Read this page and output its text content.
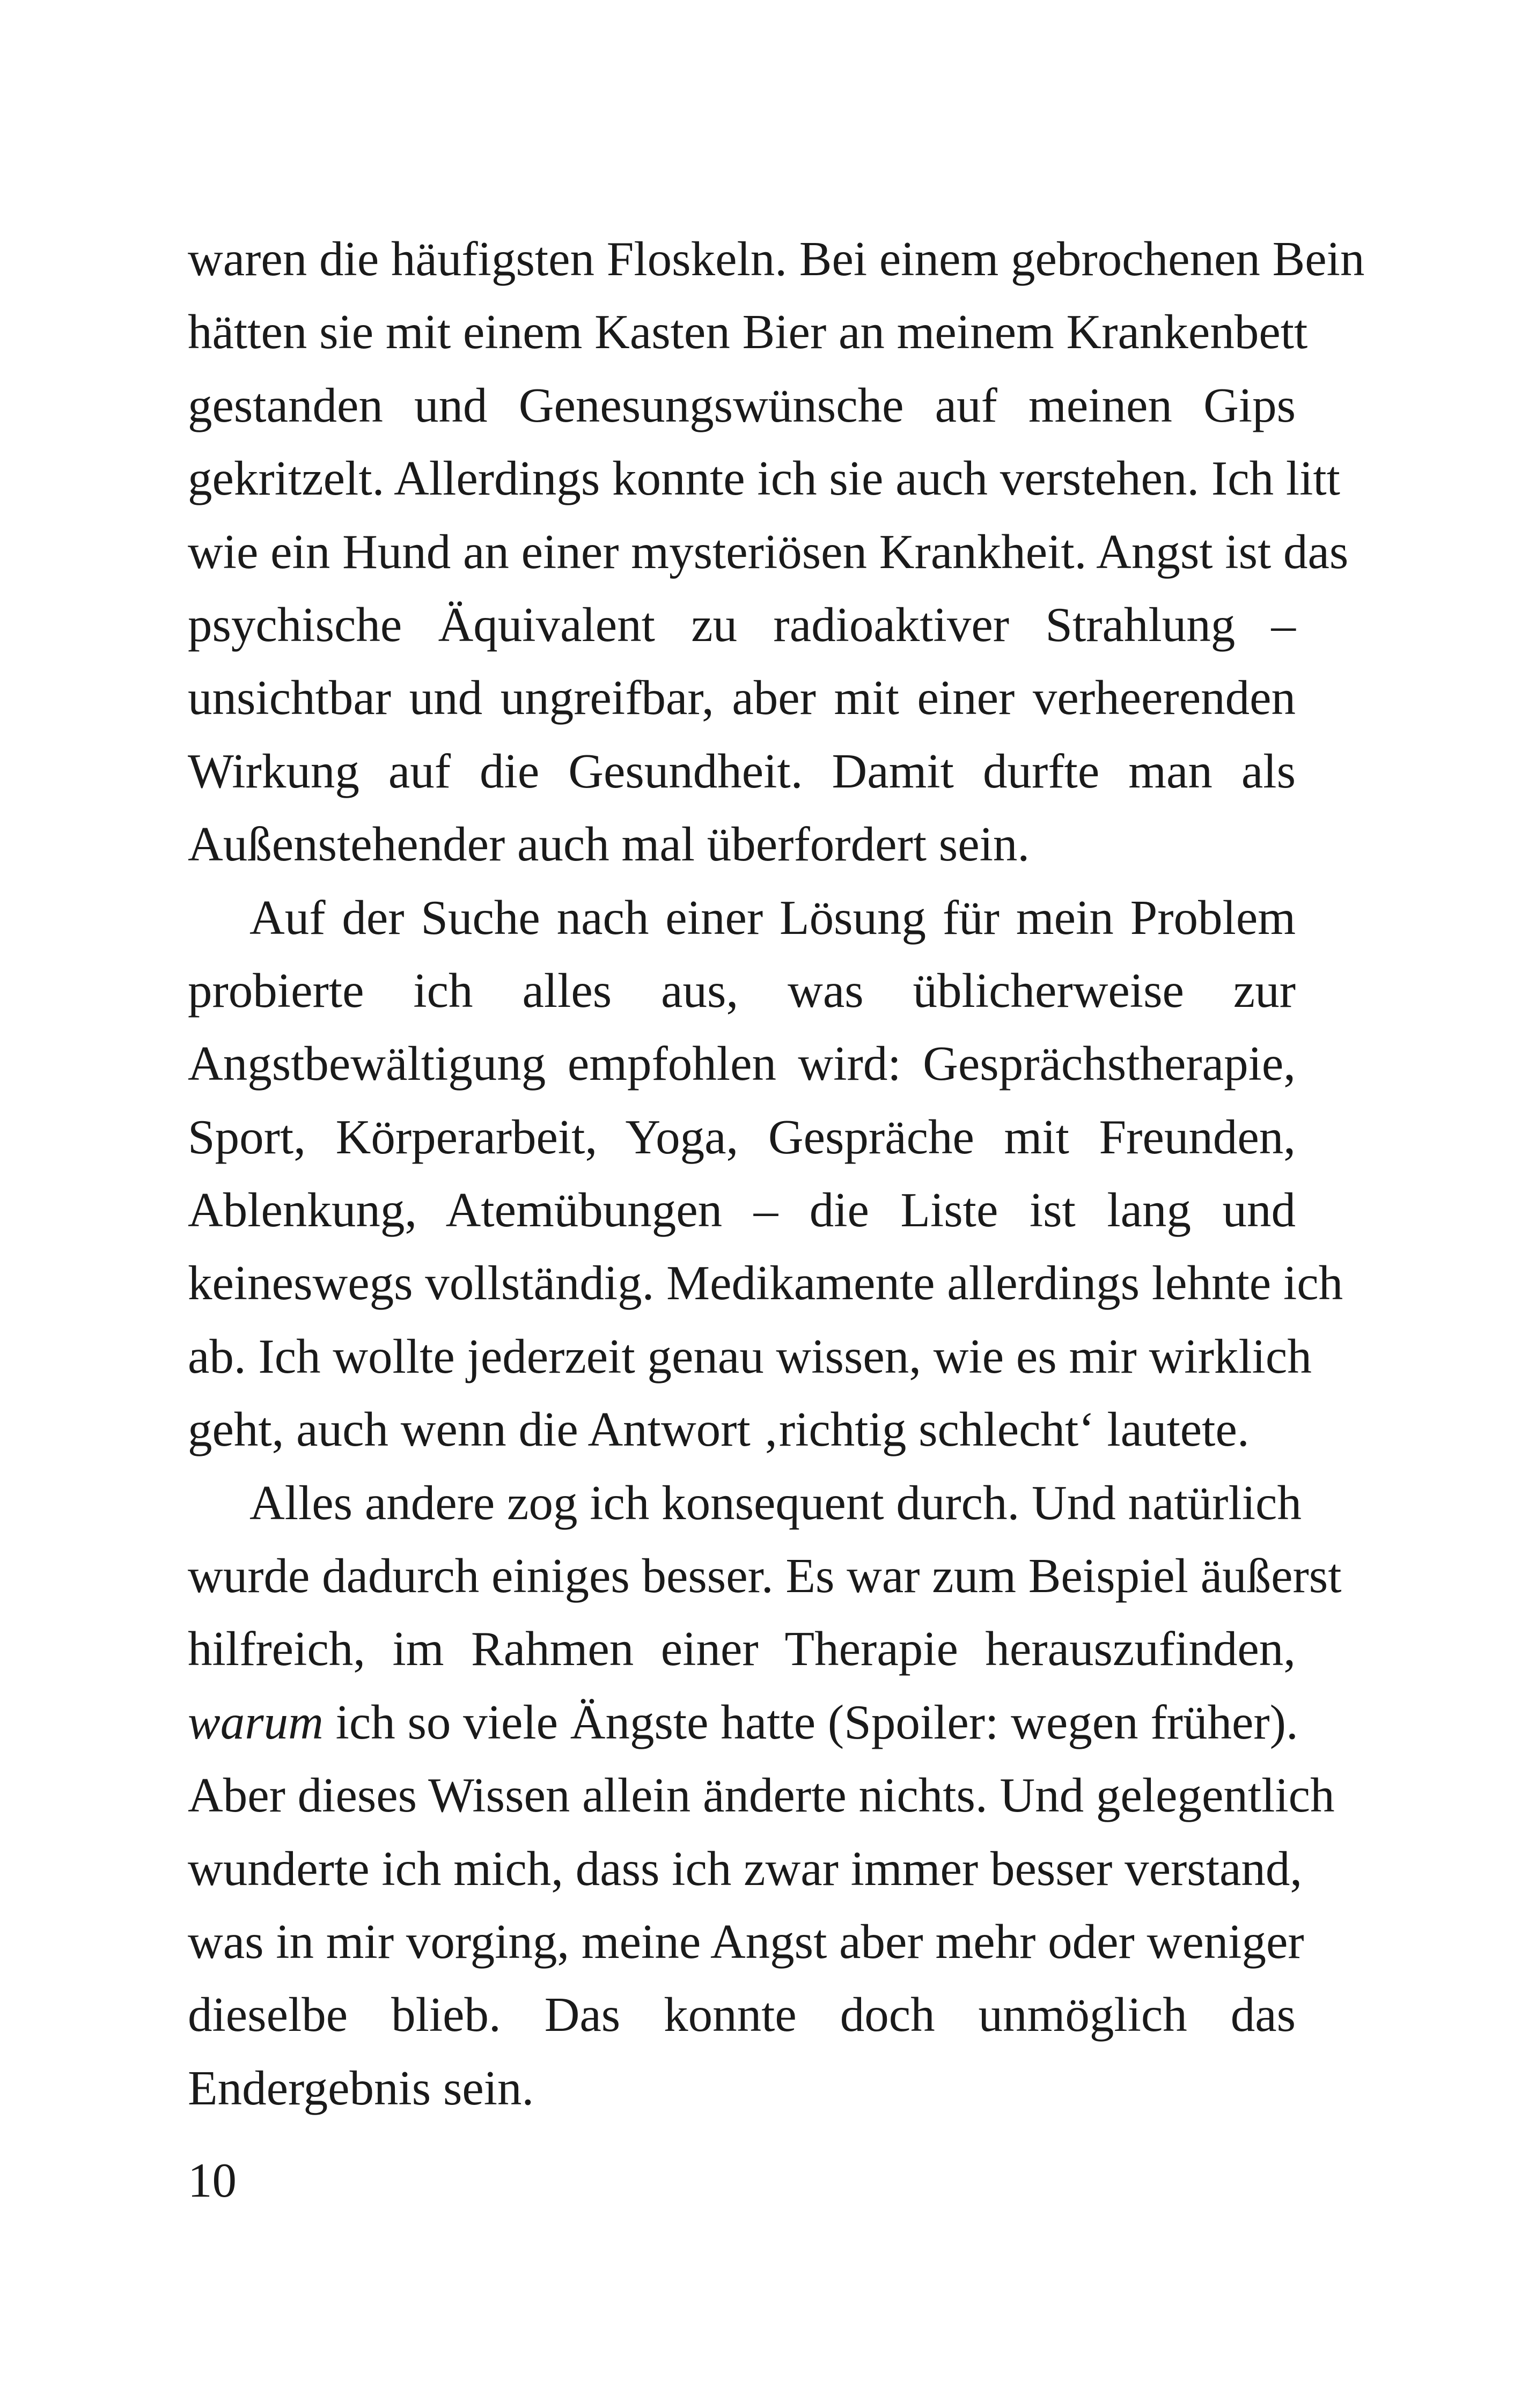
waren die häufigsten Floskeln. Bei einem gebrochenen Bein
hätten sie mit einem Kasten Bier an meinem Krankenbett
gestanden und Genesungswünsche auf meinen Gips
gekritzelt. Allerdings konnte ich sie auch verstehen. Ich litt
wie ein Hund an einer mysteriösen Krankheit. Angst ist das
psychische Äquivalent zu radioaktiver Strahlung –
unsichtbar und ungreifbar, aber mit einer verheerenden
Wirkung auf die Gesundheit. Damit durfte man als
Außenstehender auch mal überfordert sein.
Auf der Suche nach einer Lösung für mein Problem
probierte ich alles aus, was üblicherweise zur
Angstbewältigung empfohlen wird: Gesprächstherapie,
Sport, Körperarbeit, Yoga, Gespräche mit Freunden,
Ablenkung, Atemübungen – die Liste ist lang und
keineswegs vollständig. Medikamente allerdings lehnte ich
ab. Ich wollte jederzeit genau wissen, wie es mir wirklich
geht, auch wenn die Antwort ‚richtig schlecht‘ lautete.
Alles andere zog ich konsequent durch. Und natürlich
wurde dadurch einiges besser. Es war zum Beispiel äußerst
hilfreich, im Rahmen einer Therapie herauszufinden,
warum ich so viele Ängste hatte (Spoiler: wegen früher).
Aber dieses Wissen allein änderte nichts. Und gelegentlich
wunderte ich mich, dass ich zwar immer besser verstand,
was in mir vorging, meine Angst aber mehr oder weniger
dieselbe blieb. Das konnte doch unmöglich das
Endergebnis sein.
10
